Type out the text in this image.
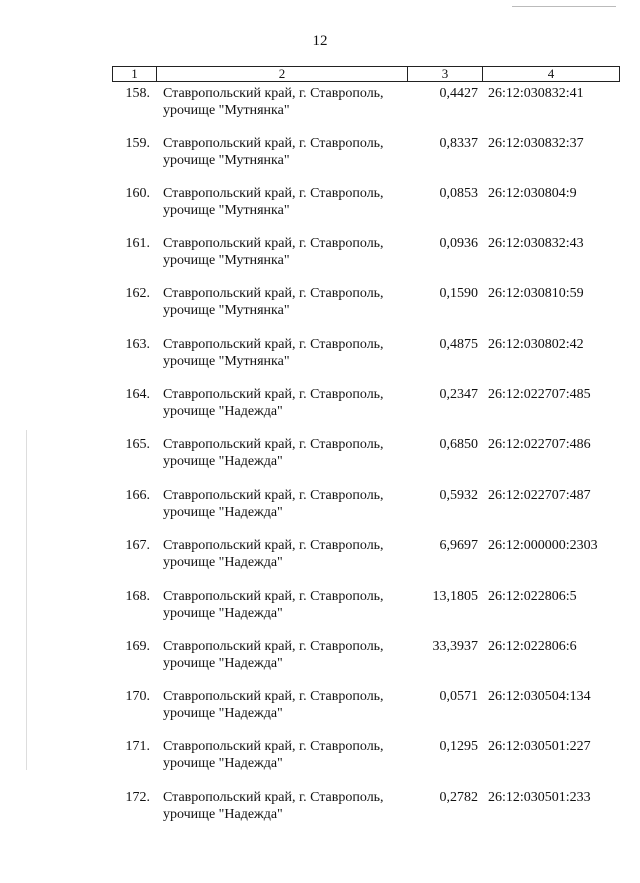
12
1	2	3	4
158. Ставропольский край, г. Ставрополь,
урочище "Мутнянка"
0,4427 26:12:030832:41
159. Ставропольский край, г. Ставрополь,
урочище "Мутнянка"
0,8337 26:12:030832:37
160. Ставропольский край, г. Ставрополь,
урочище "Мутнянка"
0,0853 26:12:030804:9
161. Ставропольский край, г. Ставрополь,
урочище "Мутнянка"
0,0936 26:12:030832:43
162. Ставропольский край, г. Ставрополь,
урочище "Мутнянка"
0,1590 26:12:030810:59
163. Ставропольский край, г. Ставрополь,
урочище "Мутнянка"
0,4875 26:12:030802:42
164. Ставропольский край, г. Ставрополь,
урочище "Надежда"
0,2347 26:12:022707:485
165. Ставропольский край, г. Ставрополь,
урочище "Надежда"
0,6850 26:12:022707:486
166. Ставропольский край, г. Ставрополь,
урочище "Надежда"
0,5932 26:12:022707:487
167. Ставропольский край, г. Ставрополь,
урочище "Надежда"
6,9697 26:12:000000:2303
168. Ставропольский край, г. Ставрополь,
урочище "Надежда"
13,1805 26:12:022806:5
169. Ставропольский край, г. Ставрополь,
урочище "Надежда"
33,3937 26:12:022806:6
170. Ставропольский край, г. Ставрополь,
урочище "Надежда"
0,0571 26:12:030504:134
171. Ставропольский край, г. Ставрополь,
урочище "Надежда"
0,1295 26:12:030501:227
172. Ставропольский край, г. Ставрополь,
урочище "Надежда"
0,2782 26:12:030501:233
